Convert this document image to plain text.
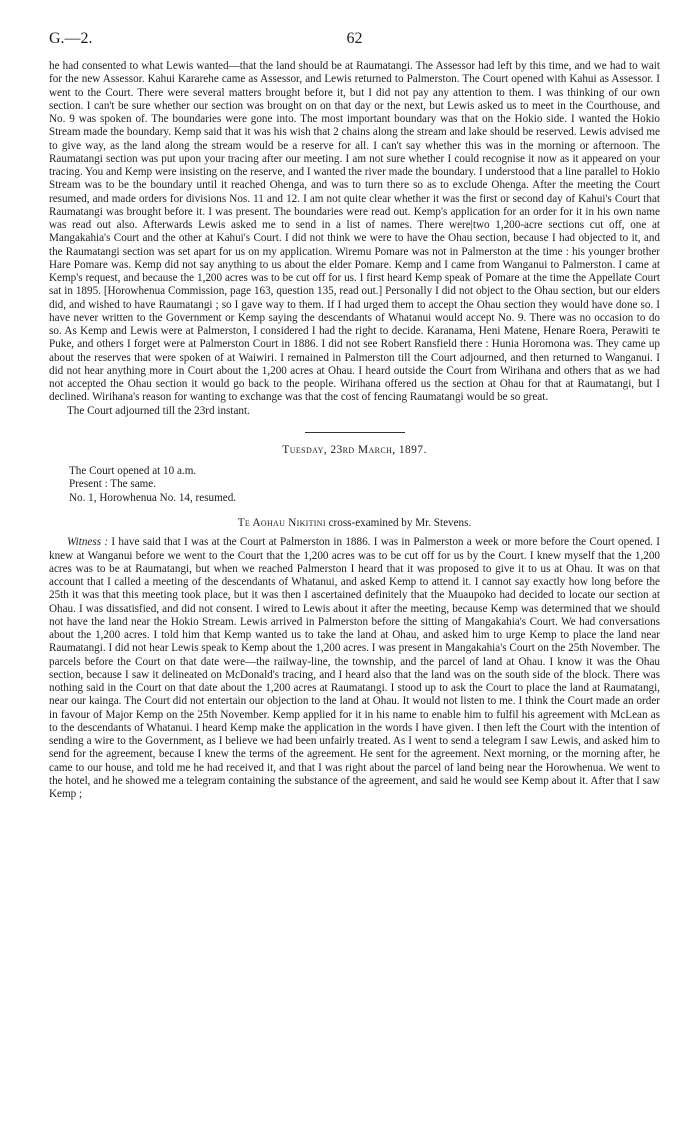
G.—2.	62

he had consented to what Lewis wanted—that the land should be at Raumatangi. The Assessor had left by this time, and we had to wait for the new Assessor. Kahui Kararehe came as Assessor, and Lewis returned to Palmerston. The Court opened with Kahui as Assessor. I went to the Court. There were several matters brought before it, but I did not pay any attention to them. I was thinking of our own section. I can't be sure whether our section was brought on on that day or the next, but Lewis asked us to meet in the Courthouse, and No. 9 was spoken of. The boundaries were gone into. The most important boundary was that on the Hokio side. I wanted the Hokio Stream made the boundary. Kemp said that it was his wish that 2 chains along the stream and lake should be reserved. Lewis advised me to give way, as the land along the stream would be a reserve for all. I can't say whether this was in the morning or afternoon. The Raumatangi section was put upon your tracing after our meeting. I am not sure whether I could recognise it now as it appeared on your tracing. You and Kemp were insisting on the reserve, and I wanted the river made the boundary. I understood that a line parallel to Hokio Stream was to be the boundary until it reached Ohenga, and was to turn there so as to exclude Ohenga. After the meeting the Court resumed, and made orders for divisions Nos. 11 and 12. I am not quite clear whether it was the first or second day of Kahui's Court that Raumatangi was brought before it. I was present. The boundaries were read out. Kemp's application for an order for it in his own name was read out also. Afterwards Lewis asked me to send in a list of names. There were|two 1,200-acre sections cut off, one at Mangakahia's Court and the other at Kahui's Court. I did not think we were to have the Ohau section, because I had objected to it, and the Raumatangi section was set apart for us on my application. Wiremu Pomare was not in Palmerston at the time : his younger brother Hare Pomare was. Kemp did not say anything to us about the elder Pomare. Kemp and I came from Wanganui to Palmerston. I came at Kemp's request, and because the 1,200 acres was to be cut off for us. I first heard Kemp speak of Pomare at the time the Appellate Court sat in 1895. [Horowhenua Commission, page 163, question 135, read out.] Personally I did not object to the Ohau section, but our elders did, and wished to have Raumatangi ; so I gave way to them. If I had urged them to accept the Ohau section they would have done so. I have never written to the Government or Kemp saying the descendants of Whatanui would accept No. 9. There was no occasion to do so. As Kemp and Lewis were at Palmerston, I considered I had the right to decide. Karanama, Heni Matene, Henare Roera, Perawiti te Puke, and others I forget were at Palmerston Court in 1886. I did not see Robert Ransfield there : Hunia Horomona was. They came up about the reserves that were spoken of at Waiwiri. I remained in Palmerston till the Court adjourned, and then returned to Wanganui. I did not hear anything more in Court about the 1,200 acres at Ohau. I heard outside the Court from Wirihana and others that as we had not accepted the Ohau section it would go back to the people. Wirihana offered us the section at Ohau for that at Raumatangi, but I declined. Wirihana's reason for wanting to exchange was that the cost of fencing Raumatangi would be so great.

The Court adjourned till the 23rd instant.

Tuesday, 23rd March, 1897.

The Court opened at 10 a.m.

Present : The same.

No. 1, Horowhenua No. 14, resumed.

Te Aohau Nikitini cross-examined by Mr. Stevens.

Witness : I have said that I was at the Court at Palmerston in 1886. I was in Palmerston a week or more before the Court opened. I knew at Wanganui before we went to the Court that the 1,200 acres was to be cut off for us by the Court. I knew myself that the 1,200 acres was to be at Raumatangi, but when we reached Palmerston I heard that it was proposed to give it to us at Ohau. It was on that account that I called a meeting of the descendants of Whatanui, and asked Kemp to attend it. I cannot say exactly how long before the 25th it was that this meeting took place, but it was then I ascertained definitely that the Muaupoko had decided to locate our section at Ohau. I was dissatisfied, and did not consent. I wired to Lewis about it after the meeting, because Kemp was determined that we should not have the land near the Hokio Stream. Lewis arrived in Palmerston before the sitting of Mangakahia's Court. We had conversations about the 1,200 acres. I told him that Kemp wanted us to take the land at Ohau, and asked him to urge Kemp to place the land near Raumatangi. I did not hear Lewis speak to Kemp about the 1,200 acres. I was present in Mangakahia's Court on the 25th November. The parcels before the Court on that date were—the railway-line, the township, and the parcel of land at Ohau. I know it was the Ohau section, because I saw it delineated on McDonald's tracing, and I heard also that the land was on the south side of the block. There was nothing said in the Court on that date about the 1,200 acres at Raumatangi. I stood up to ask the Court to place the land at Raumatangi, near our kainga. The Court did not entertain our objection to the land at Ohau. It would not listen to me. I think the Court made an order in favour of Major Kemp on the 25th November. Kemp applied for it in his name to enable him to fulfil his agreement with McLean as to the descendants of Whatanui. I heard Kemp make the application in the words I have given. I then left the Court with the intention of sending a wire to the Government, as I believe we had been unfairly treated. As I went to send a telegram I saw Lewis, and asked him to send for the agreement, because I knew the terms of the agreement. He sent for the agreement. Next morning, or the morning after, he came to our house, and told me he had received it, and that I was right about the parcel of land being near the Horowhenua. We went to the hotel, and he showed me a telegram containing the substance of the agreement, and said he would see Kemp about it. After that I saw Kemp ;
